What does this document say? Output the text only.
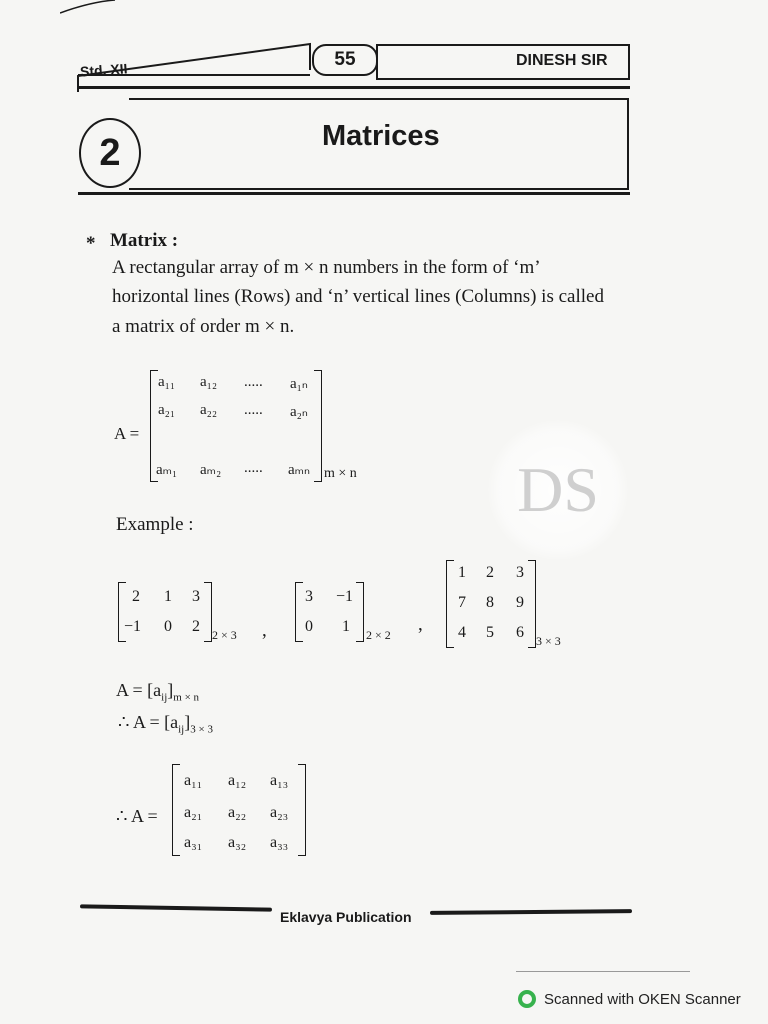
Std. XII
55	DINESH SIR
2	Matrices
* Matrix :
A rectangular array of m × n numbers in the form of ‘m’
horizontal lines (Rows) and ‘n’ vertical lines (Columns) is called
a matrix of order m × n.
A =
a₁₁ a₁₂ ..... a₁ₙ
a₂₁ a₂₂ ..... a₂ₙ
aₘ₁ aₘ₂ ..... aₘₙ m × n	DS
Example :
2 1 3
−1 0 2 2 × 3 ,
3 −1
0 1 2 × 2 ,
1 2 3
7 8 9
4 5 6 3 × 3
$A = [a_{ij}]_{m \times n}$
∴ $A = [a_{ij}]_{3 \times 3}$
∴ A =
a₁₁ a₁₂ a₁₃
a₂₁ a₂₂ a₂₃
a₃₁ a₃₂ a₃₃
Eklavya Publication
Scanned with OKEN Scanner
